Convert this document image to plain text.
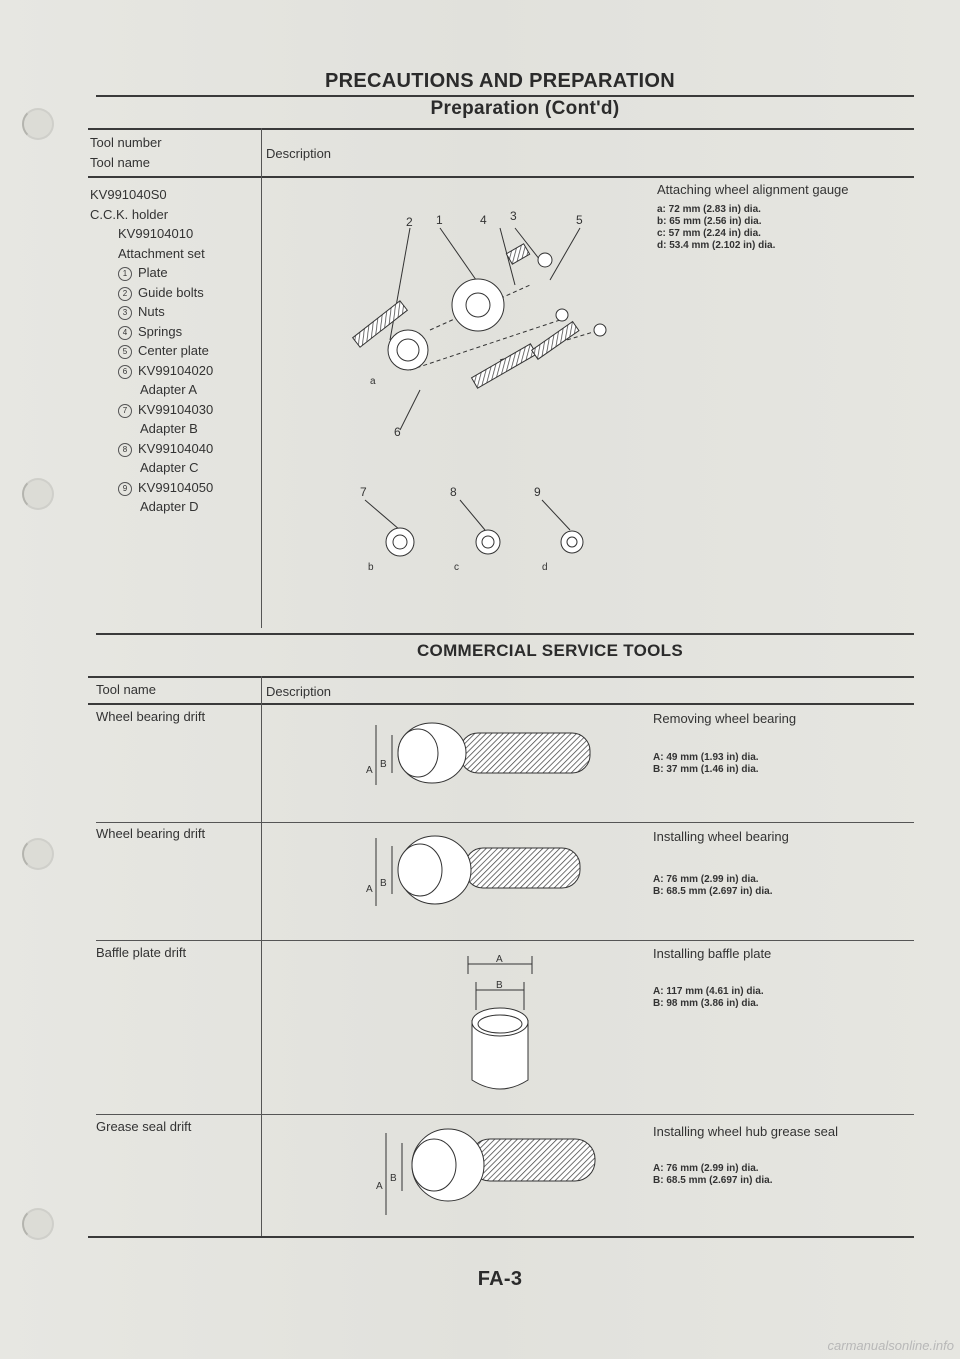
PRECAUTIONS AND PREPARATION
Preparation (Cont'd)
Tool number
Tool name
Description
KV991040S0
C.C.K. holder
KV99104010
Attachment set
1 Plate
2 Guide bolts
3 Nuts
4 Springs
5 Center plate
6 KV99104020
Adapter A
7 KV99104030
Adapter B
8 KV99104040
Adapter C
9 KV99104050
Adapter D
2 1	4 3	5
6
7	8	9
a
b	c	d
Attaching wheel alignment gauge
a: 72 mm (2.83 in) dia.
b: 65 mm (2.56 in) dia.
c: 57 mm (2.24 in) dia.
d: 53.4 mm (2.102 in) dia.
COMMERCIAL SERVICE TOOLS
Tool name	Description
Wheel bearing drift	Removing wheel bearing
A: 49 mm (1.93 in) dia.
B: 37 mm (1.46 in) dia.
A
B
Wheel bearing drift	Installing wheel bearing
A: 76 mm (2.99 in) dia.
B: 68.5 mm (2.697 in) dia.
A
B
Baffle plate drift	Installing baffle plate
A: 117 mm (4.61 in) dia.
B: 98 mm (3.86 in) dia.
A
B
Grease seal drift	Installing wheel hub grease seal
A: 76 mm (2.99 in) dia.
B: 68.5 mm (2.697 in) dia.
A
B
FA-3
carmanualsonline.info
